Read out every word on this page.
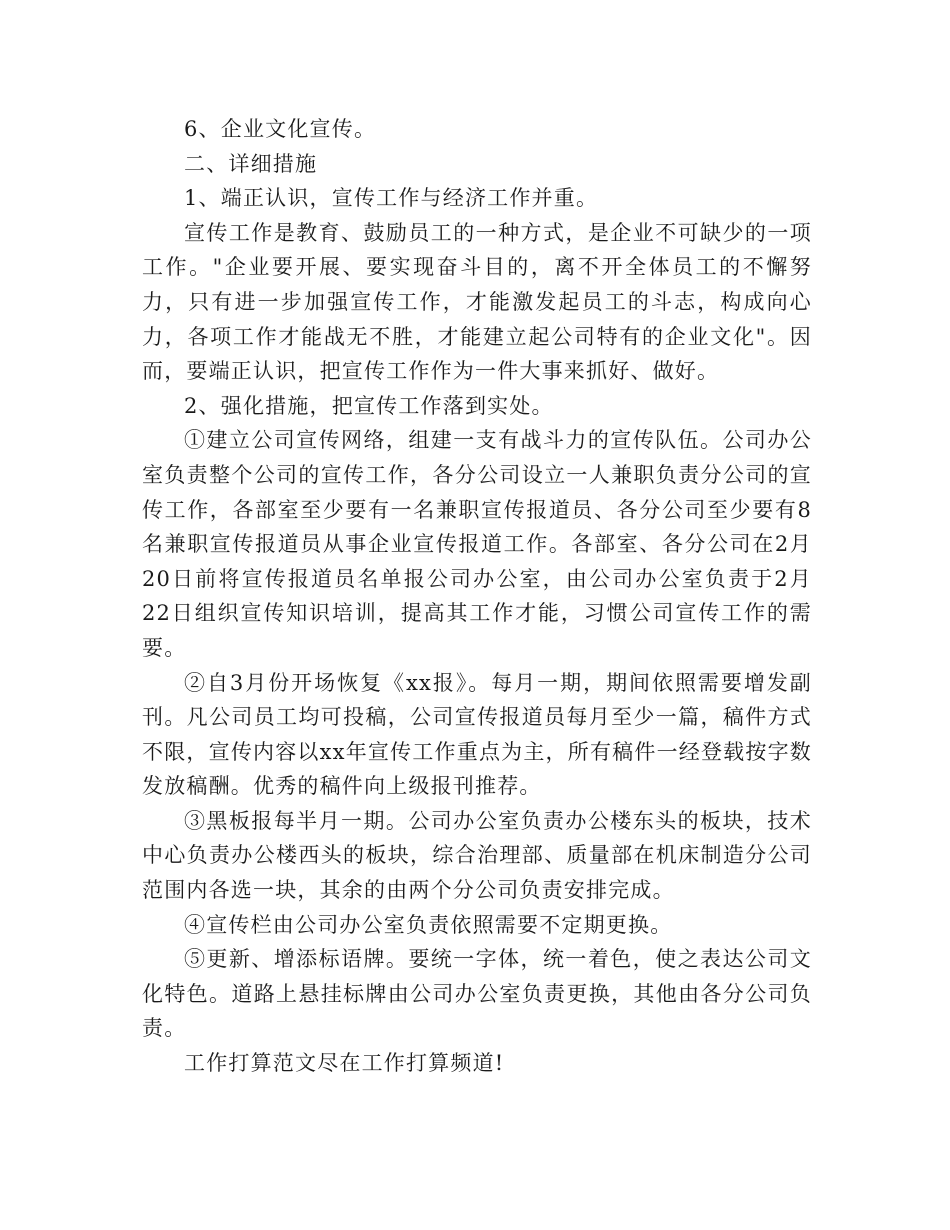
6、企业文化宣传。

二、详细措施

1、端正认识，宣传工作与经济工作并重。

宣传工作是教育、鼓励员工的一种方式，是企业不可缺少的一项工作。"企业要开展、要实现奋斗目的，离不开全体员工的不懈努力，只有进一步加强宣传工作，才能激发起员工的斗志，构成向心力，各项工作才能战无不胜，才能建立起公司特有的企业文化"。因而，要端正认识，把宣传工作作为一件大事来抓好、做好。

2、强化措施，把宣传工作落到实处。

①建立公司宣传网络，组建一支有战斗力的宣传队伍。公司办公室负责整个公司的宣传工作，各分公司设立一人兼职负责分公司的宣传工作，各部室至少要有一名兼职宣传报道员、各分公司至少要有8名兼职宣传报道员从事企业宣传报道工作。各部室、各分公司在2月20日前将宣传报道员名单报公司办公室，由公司办公室负责于2月22日组织宣传知识培训，提高其工作才能，习惯公司宣传工作的需要。

②自3月份开场恢复《xx报》。每月一期，期间依照需要增发副刊。凡公司员工均可投稿，公司宣传报道员每月至少一篇，稿件方式不限，宣传内容以xx年宣传工作重点为主，所有稿件一经登载按字数发放稿酬。优秀的稿件向上级报刊推荐。

③黑板报每半月一期。公司办公室负责办公楼东头的板块，技术中心负责办公楼西头的板块，综合治理部、质量部在机床制造分公司范围内各选一块，其余的由两个分公司负责安排完成。

④宣传栏由公司办公室负责依照需要不定期更换。

⑤更新、增添标语牌。要统一字体，统一着色，使之表达公司文化特色。道路上悬挂标牌由公司办公室负责更换，其他由各分公司负责。

工作打算范文尽在工作打算频道!
